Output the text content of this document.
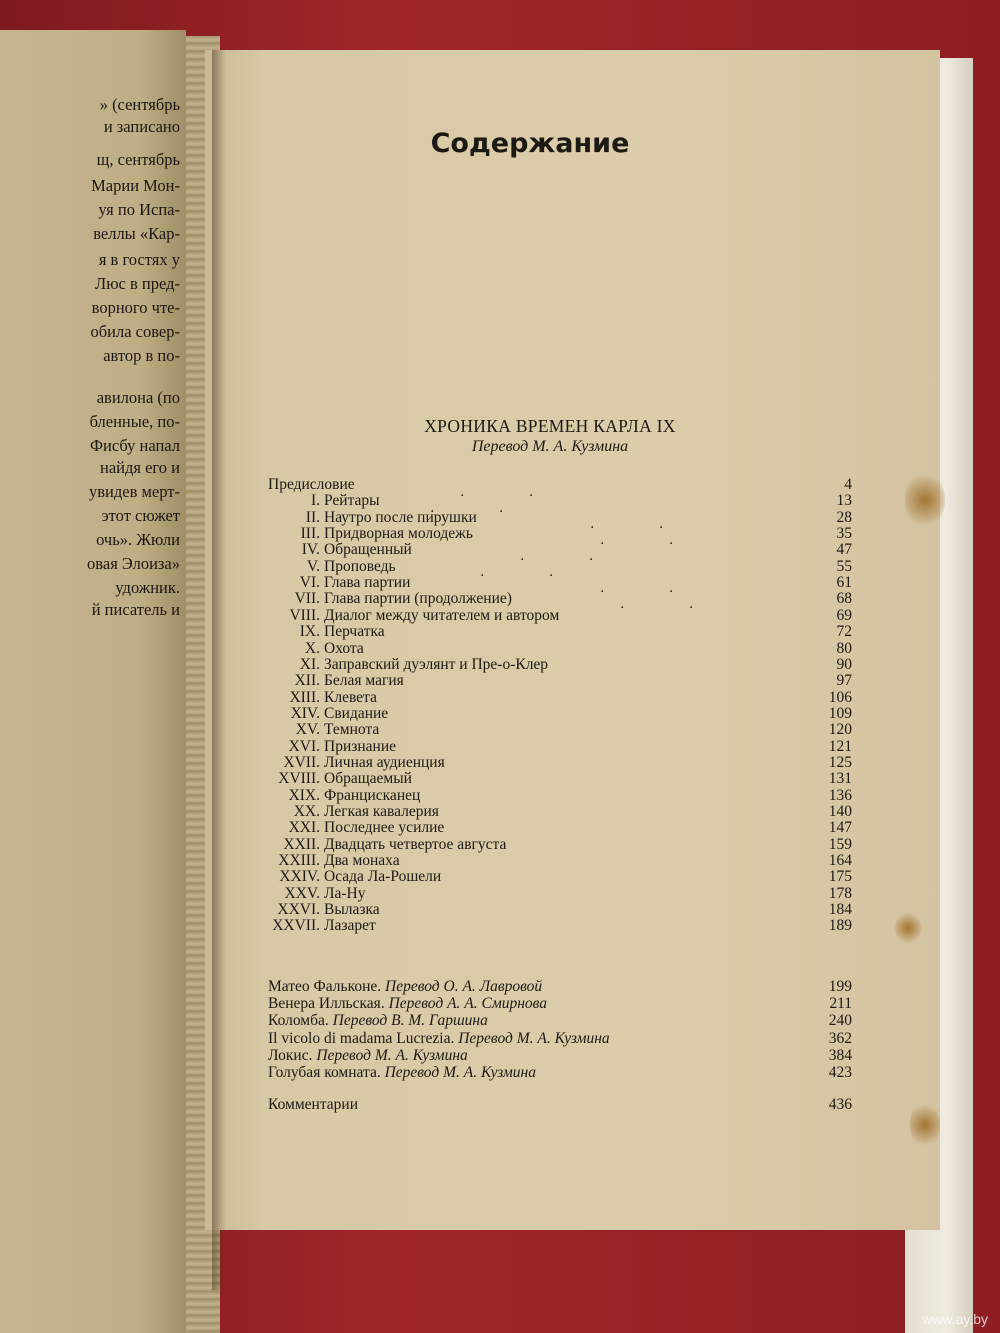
» (сентябрь
и записано
щ, сентябрь
Марии Мон-
уя по Испа-
веллы «Кар-
я в гостях у
Люс в пред-
ворного чте-
обила совер-
автор в по-
авилона (по
бленные, по-
Фисбу напал
найдя его и
увидев мерт-
этот сюжет
очь». Жюли
овая Элоиза»
удожник.
й писатель и
Содержание
ХРОНИКА ВРЕМЕН КАРЛА IX
Перевод М. А. Кузмина
Предисловие	4
I. Рейтары	13
II. Наутро после пирушки	28
III. Придворная молодежь	35
IV. Обращенный	47
V. Проповедь	55
VI. Глава партии	61
VII. Глава партии (продолжение)	68
VIII. Диалог между читателем и автором	69
IX. Перчатка	72
X. Охота	80
XI. Заправский дуэлянт и Пре-о-Клер	90
XII. Белая магия	97
XIII. Клевета	106
XIV. Свидание	109
XV. Темнота	120
XVI. Признание	121
XVII. Личная аудиенция	125
XVIII. Обращаемый	131
XIX. Францисканец	136
XX. Легкая кавалерия	140
XXI. Последнее усилие	147
XXII. Двадцать четвертое августа	159
XXIII. Два монаха	164
XXIV. Осада Ла-Рошели	175
XXV. Ла-Ну	178
XXVI. Вылазка	184
XXVII. Лазарет	189
Матео Фальконе. Перевод О. А. Лавровой	199
Венера Илльская. Перевод А. А. Смирнова	211
Коломба. Перевод В. М. Гаршина	240
Il vicolo di madama Lucrezia. Перевод М. А. Кузмина	362
Локис. Перевод М. А. Кузмина	384
Голубая комната. Перевод М. А. Кузмина	423
Комментарии	436
. .
. .
. .
. .
. .
. .
. .
. .
www.ay.by
